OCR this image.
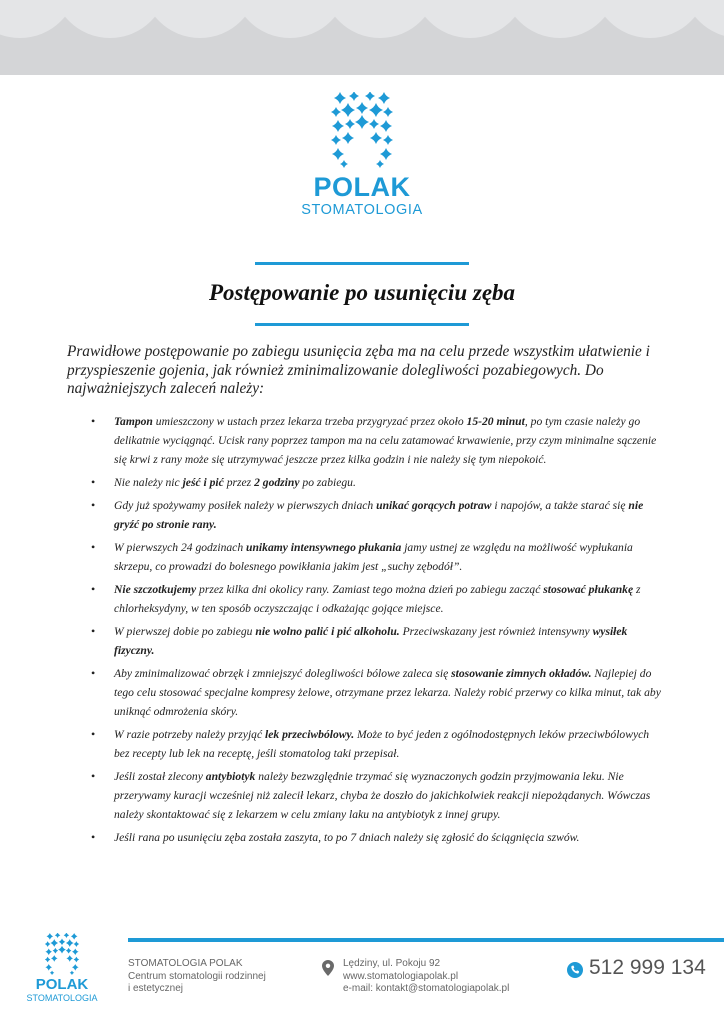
POLAK
STOMATOLOGIA
Postępowanie po usunięciu zęba

Prawidłowe postępowanie po zabiegu usunięcia zęba ma na celu przede wszystkim ułatwienie i przyspieszenie gojenia, jak również zminimalizowanie dolegliwości pozabiegowych. Do najważniejszych zaleceń należy:

• Tampon umieszczony w ustach przez lekarza trzeba przygryzać przez około 15-20 minut, po tym czasie należy go delikatnie wyciągnąć. Ucisk rany poprzez tampon ma na celu zatamować krwawienie, przy czym minimalne sączenie się krwi z rany może się utrzymywać jeszcze przez kilka godzin i nie należy się tym niepokoić.
• Nie należy nic jeść i pić przez 2 godziny po zabiegu.
• Gdy już spożywamy posiłek należy w pierwszych dniach unikać gorących potraw i napojów, a także starać się nie gryźć po stronie rany.
• W pierwszych 24 godzinach unikamy intensywnego płukania jamy ustnej ze względu na możliwość wypłukania skrzepu, co prowadzi do bolesnego powikłania jakim jest „suchy zębodół”.
• Nie szczotkujemy przez kilka dni okolicy rany. Zamiast tego można dzień po zabiegu zacząć stosować płukankę z chlorheksydyny, w ten sposób oczyszczając i odkażając gojące miejsce.
• W pierwszej dobie po zabiegu nie wolno palić i pić alkoholu. Przeciwskazany jest również intensywny wysiłek fizyczny.
• Aby zminimalizować obrzęk i zmniejszyć dolegliwości bólowe zaleca się stosowanie zimnych okładów. Najlepiej do tego celu stosować specjalne kompresy żelowe, otrzymane przez lekarza. Należy robić przerwy co kilka minut, tak aby uniknąć odmrożenia skóry.
• W razie potrzeby należy przyjąć lek przeciwbólowy. Może to być jeden z ogólnodostępnych leków przeciwbólowych bez recepty lub lek na receptę, jeśli stomatolog taki przepisał.
• Jeśli został zlecony antybiotyk należy bezwzględnie trzymać się wyznaczonych godzin przyjmowania leku. Nie przerywamy kuracji wcześniej niż zalecił lekarz, chyba że doszło do jakichkolwiek reakcji niepożądanych. Wówczas należy skontaktować się z lekarzem w celu zmiany laku na antybiotyk z innej grupy.
• Jeśli rana po usunięciu zęba została zaszyta, to po 7 dniach należy się zgłosić do ściągnięcia szwów.
POLAK
STOMATOLOGIA
STOMATOLOGIA POLAK
Centrum stomatologii rodzinnej
i estetycznej
Lędziny, ul. Pokoju 92
www.stomatologiapolak.pl
e-mail: kontakt@stomatologiapolak.pl
512 999 134
